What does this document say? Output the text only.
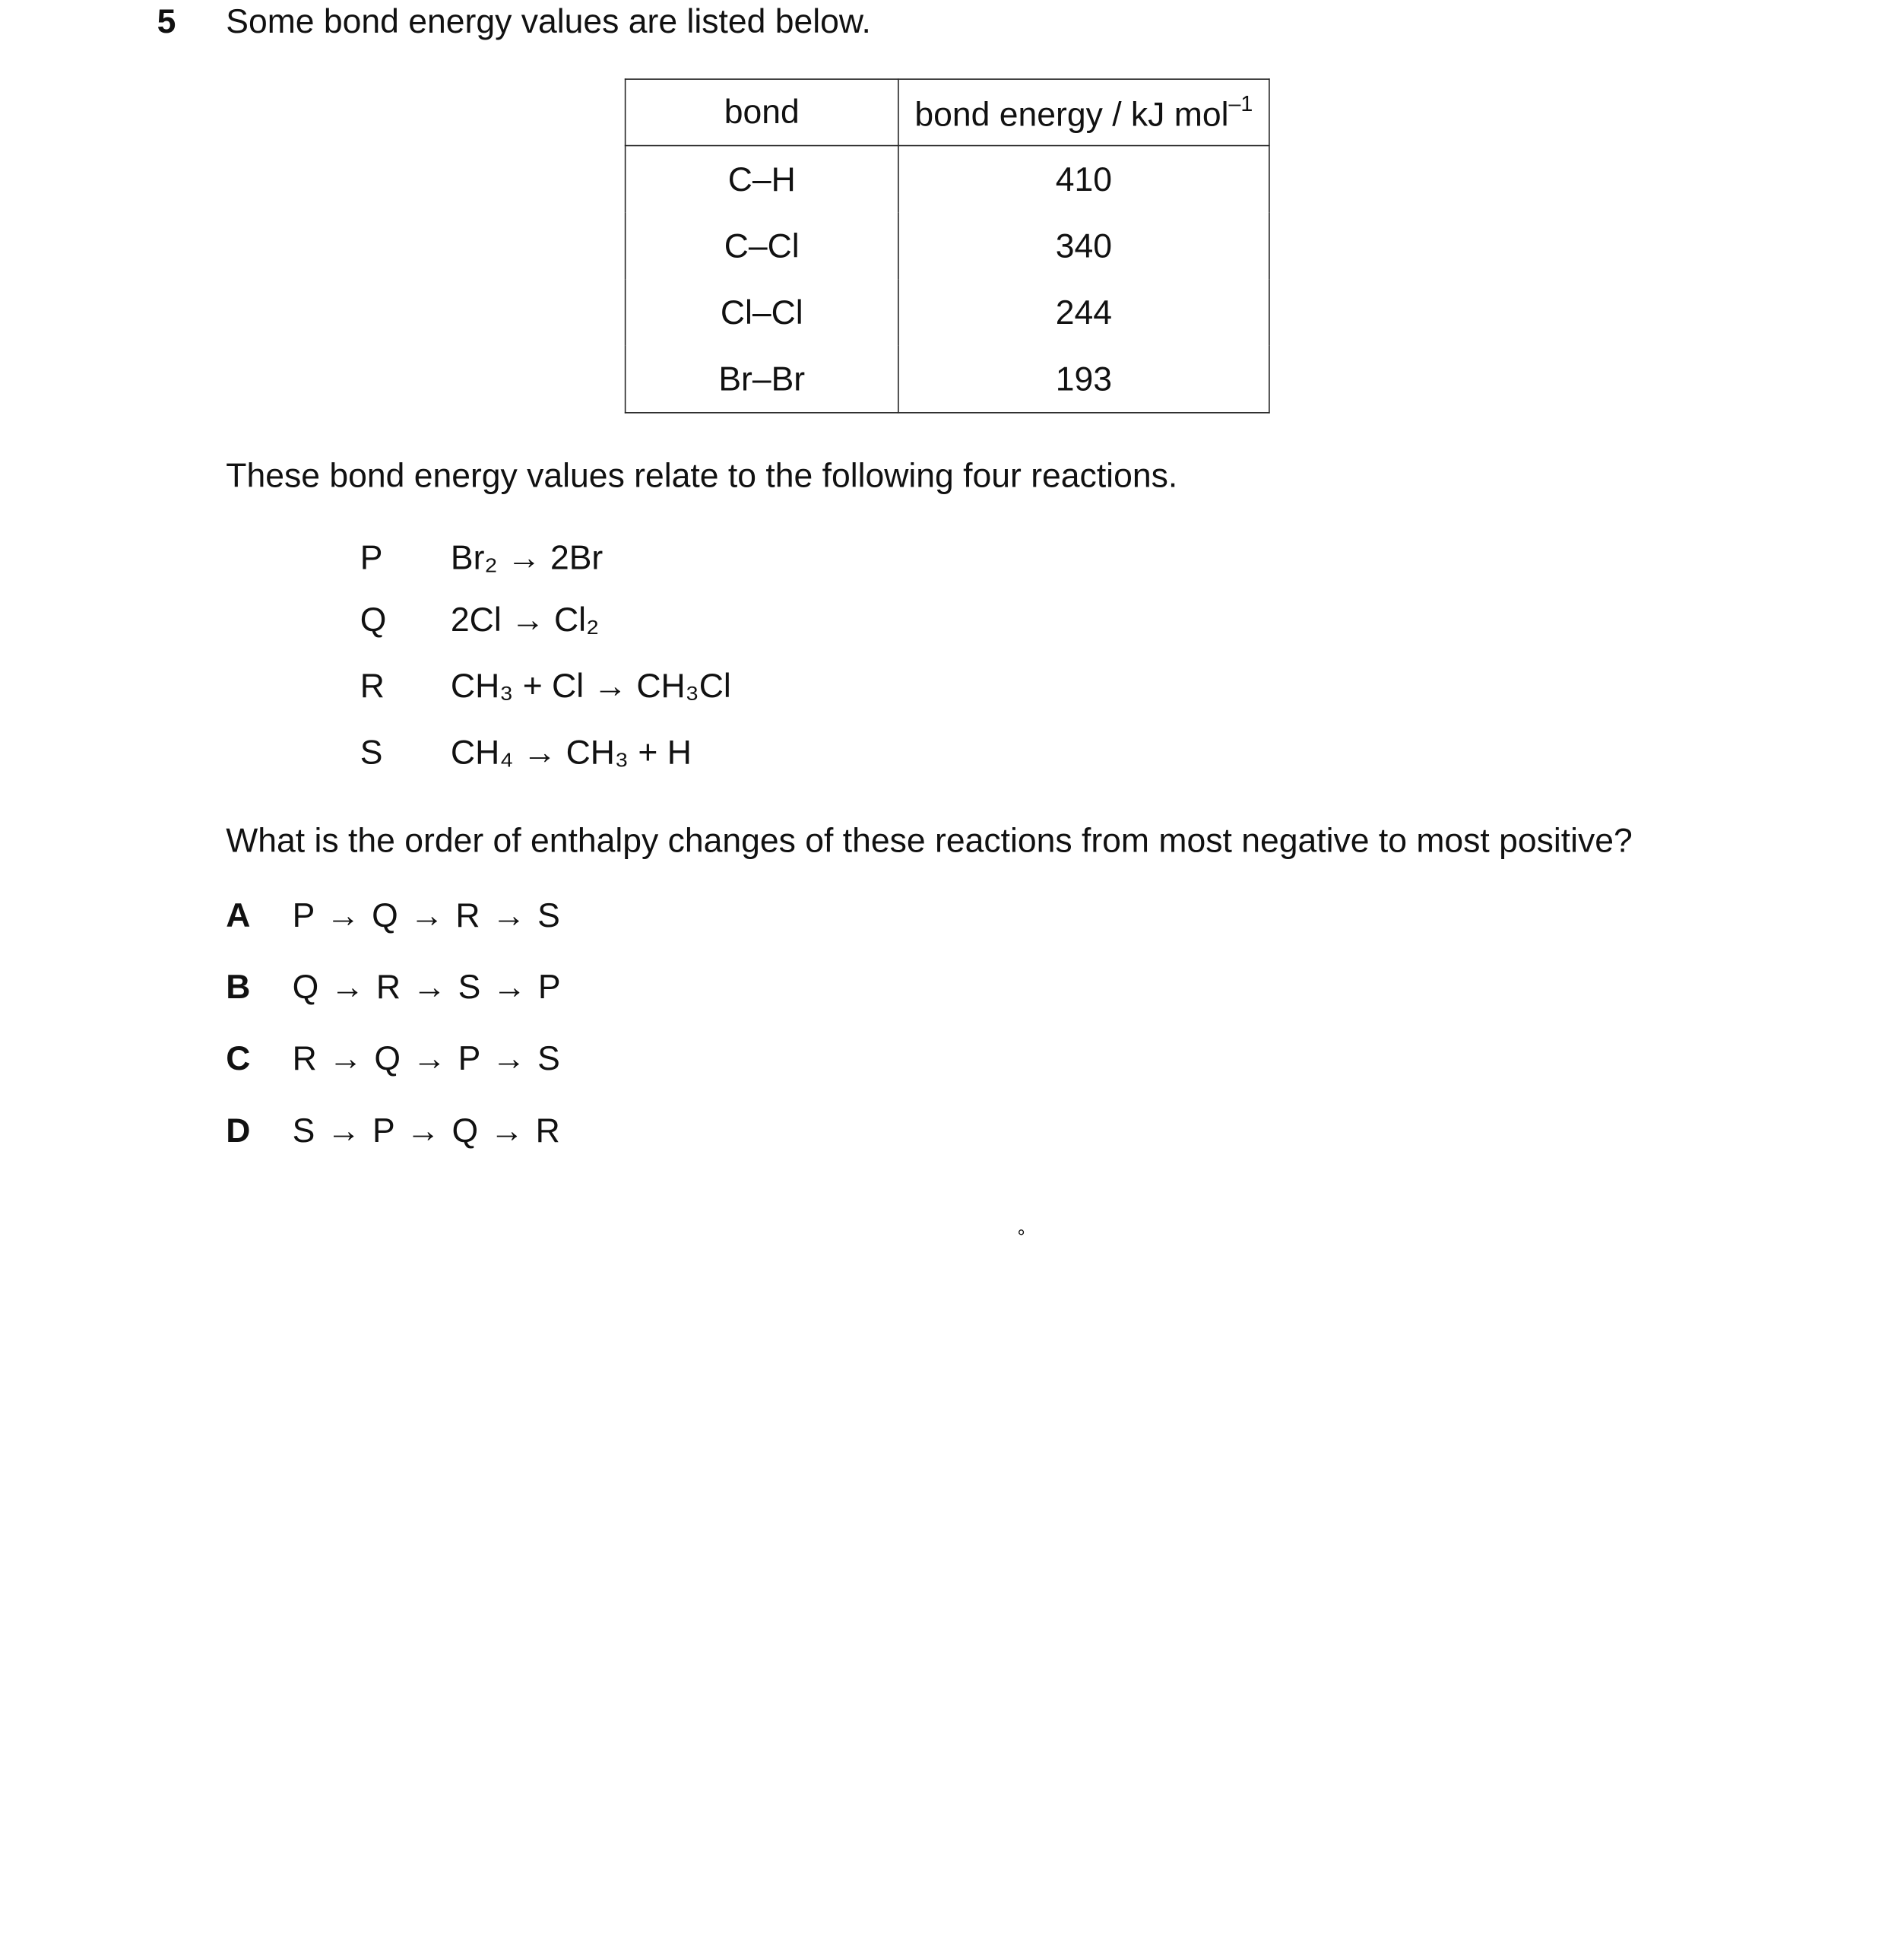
5 Some bond energy values are listed below.
bond	bond energy / kJ mol$^{-1}$
C–H	410
C–Cl	340
Cl–Cl	244
Br–Br	193
These bond energy values relate to the following four reactions.
P	Br₂ → 2Br
Q	2Cl → Cl₂
R	CH₃ + Cl → CH₃Cl
S	CH₄ → CH₃ + H
What is the order of enthalpy changes of these reactions from most negative to most positive?
A P → Q → R → S
B Q → R → S → P
C R → Q → P → S
D S → P → Q → R
°
